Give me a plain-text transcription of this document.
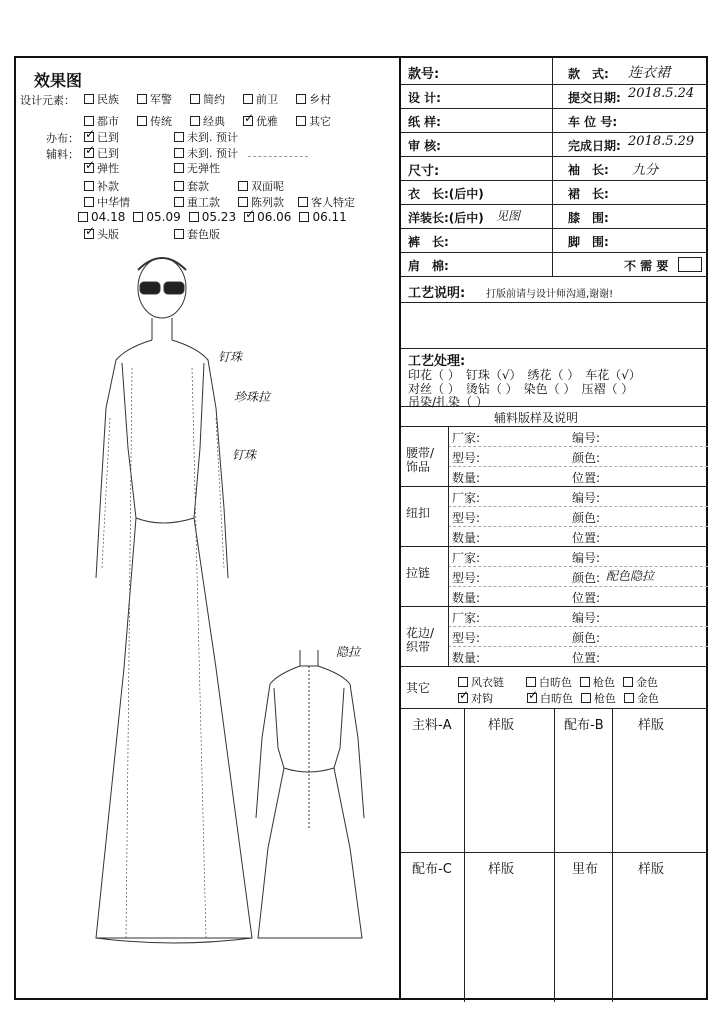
效果图
设计元素：	民族	军警	简约	前卫	乡村
都市	传统	经典 ✓	优雅	其它
办布： ✓	已到	未到. 预计
辅料： ✓	已到	未到. 预计
✓弹性	无弹性
补款	套款	双面呢
中华情	重工款	陈列款	客人特定
04.18 05.09 05.23 ✓ 06.06 06.11
✓头版	套色版
钉珠
珍珠拉
钉珠
隐拉
款号:	款　式: 连衣裙
设 计:	提交日期: 2018.5.24
纸 样:	车 位 号:
审 核:	完成日期: 2018.5.29
尺寸:	袖　长: 九分
衣　长:(后中)	裙　长:
洋装长:(后中) 见图	膝　围:
裤　长:	脚　围:
肩　棉:	不 需 要
工艺说明: 打版前请与设计师沟通,谢谢!
工艺处理:
印花（ ）　钉珠（√）　绣花（ ）　车花（√）
对丝（ ）　烫钻（ ）　染色（ ）　压褶（ ）
吊染/扎染（ ）
辅料版样及说明
腰带/饰品
厂家:	编号:
型号:	颜色:
数量:	位置:
纽扣
厂家:	编号:
型号:	颜色:
数量:	位置:
拉链
厂家:	编号:
型号:	颜色: 配色隐拉
数量:	位置:
花边/织带
厂家:	编号:
型号:	颜色:
数量:	位置:
其它	风衣链	白昉色 枪色 金色
✓对钩 ✓	白昉色 枪色 金色
主料-A	样版	配布-B	样版
配布-C	样版	里布	样版
